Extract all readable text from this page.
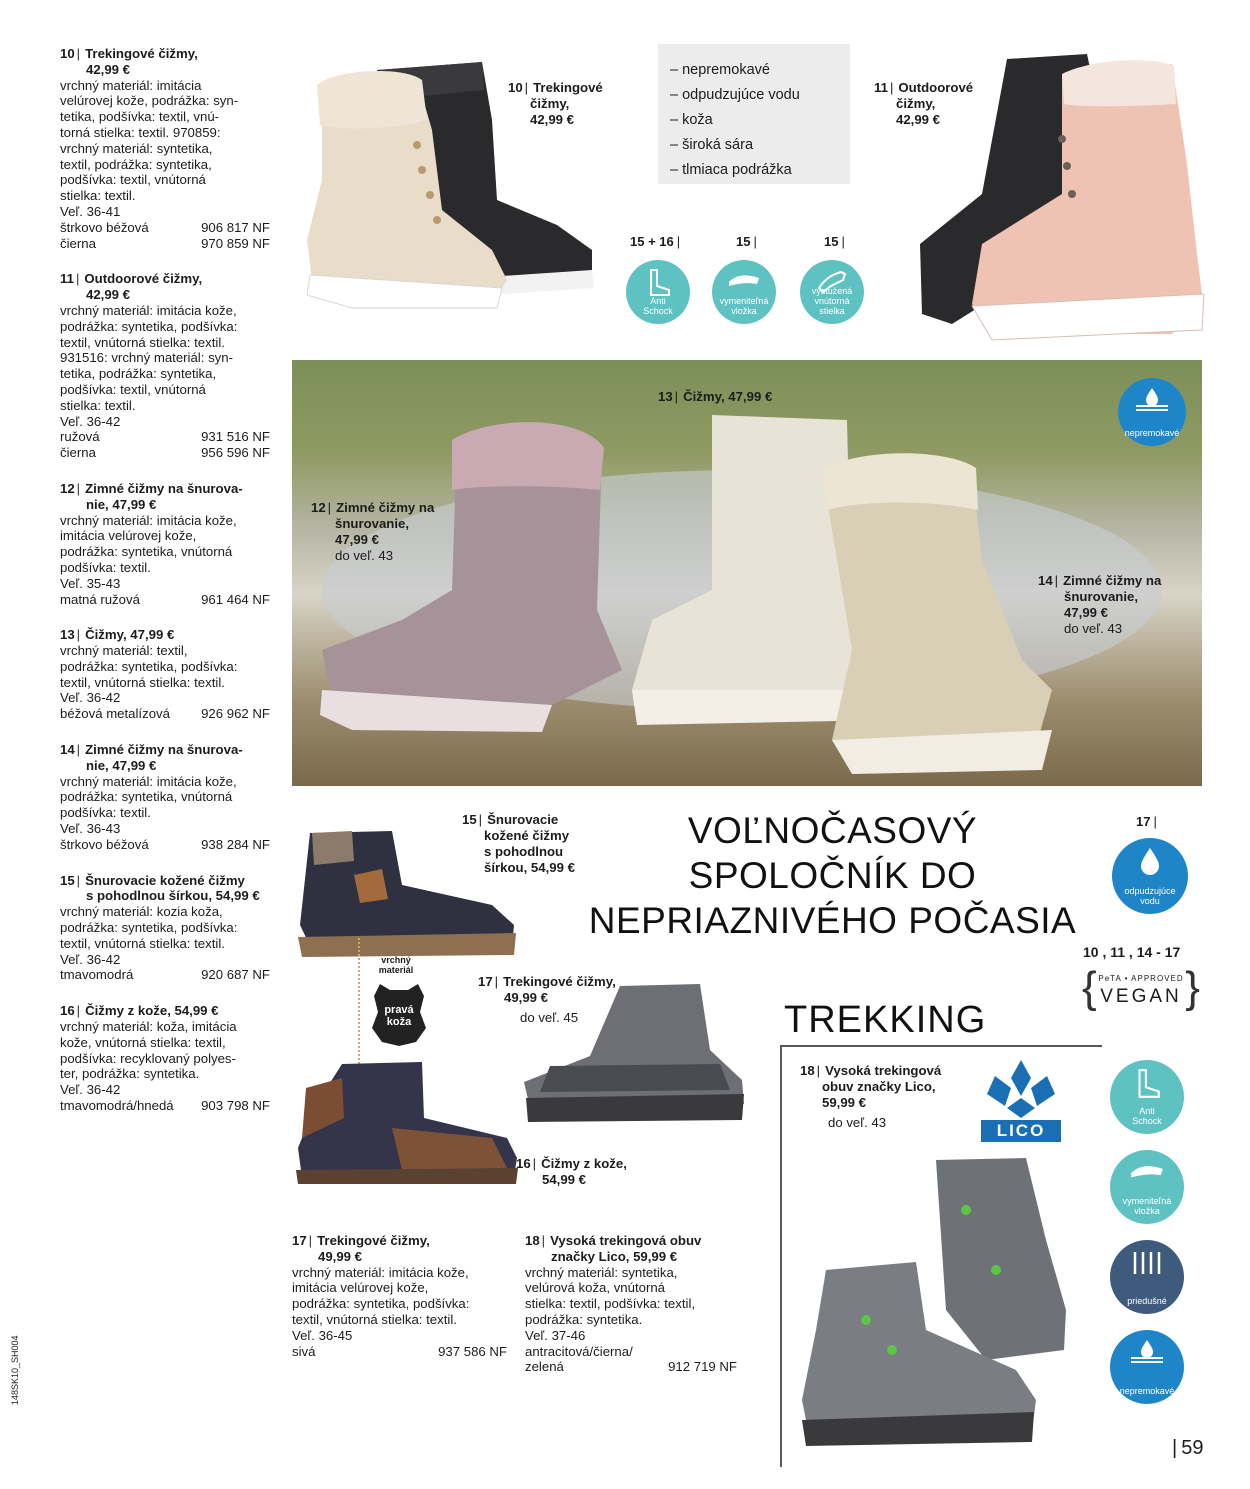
10 | Trekingové čižmy,
42,99 €
vrchný materiál: imitácia
velúrovej kože, podrážka: syn-
tetika, podšívka: textil, vnú-
torná stielka: textil. 970859:
vrchný materiál: syntetika,
textil, podrážka: syntetika,
podšívka: textil, vnútorná
stielka: textil.
Veľ. 36-41
štrkovo béžová	906 817 NF
čierna	970 859 NF
11 | Outdoorové čižmy,
42,99 €
vrchný materiál: imitácia kože,
podrážka: syntetika, podšívka:
textil, vnútorná stielka: textil.
931516: vrchný materiál: syn-
tetika, podrážka: syntetika,
podšívka: textil, vnútorná
stielka: textil.
Veľ. 36-42
ružová	931 516 NF
čierna	956 596 NF
12 | Zimné čižmy na šnurova-
nie, 47,99 €
vrchný materiál: imitácia kože,
imitácia velúrovej kože,
podrážka: syntetika, vnútorná
podšívka: textil.
Veľ. 35-43
matná ružová	961 464 NF
13 | Čižmy, 47,99 €
vrchný materiál: textil,
podrážka: syntetika, podšívka:
textil, vnútorná stielka: textil.
Veľ. 36-42
béžová metalízová 926 962 NF
14 | Zimné čižmy na šnurova-
nie, 47,99 €
vrchný materiál: imitácia kože,
podrážka: syntetika, vnútorná
podšívka: textil.
Veľ. 36-43
štrkovo béžová	938 284 NF
15 | Šnurovacie kožené čižmy
s pohodlnou šírkou, 54,99 €
vrchný materiál: kozia koža,
podrážka: syntetika, podšívka:
textil, vnútorná stielka: textil.
Veľ. 36-42
tmavomodrá	920 687 NF
16 | Čižmy z kože, 54,99 €
vrchný materiál: koža, imitácia
kože, vnútorná stielka: textil,
podšívka: recyklovaný polyes-
ter, podrážka: syntetika.
Veľ. 36-42
tmavomodrá/hnedá 903 798 NF
10 | Trekingové
čižmy,
42,99 €
– nepremokavé
– odpudzujúce vodu
– koža
– široká sára
– tlmiaca podrážka
15 + 16 |	15 |	15 |
Anti
Schock
vymeniteľná
vložka
vystužená
vnútorná
stielka
11 | Outdoorové
čižmy,
42,99 €
13 | Čižmy, 47,99 €
12 | Zimné čižmy na
šnurovanie,
47,99 €
do veľ. 43
14 | Zimné čižmy na
šnurovanie,
47,99 €
do veľ. 43
nepremokavé
VOĽNOČASOVÝ
SPOLOČNÍK DO
NEPRIAZNIVÉHO POČASIA
17 |
odpudzujúce
vodu
10 , 11 , 14 - 17
{ }
PeTA • APPROVED
VEGAN
15 | Šnurovacie
kožené čižmy
s pohodlnou
šírkou, 54,99 €
vrchný
materiál
pravá
koža
16 | Čižmy z kože,
54,99 €
17 | Trekingové čižmy,
49,99 €
do veľ. 45	TREKKING
18 | Vysoká trekingová
obuv značky Lico,
59,99 €
do veľ. 43	LICO
Anti
Schock
vymeniteľná
vložka
priedušné
nepremokavé
17 | Trekingové čižmy,
49,99 €
vrchný materiál: imitácia kože,
imitácia velúrovej kože,
podrážka: syntetika, podšívka:
textil, vnútorná stielka: textil.
Veľ. 36-45
sivá	937 586 NF
18 | Vysoká trekingová obuv
značky Lico, 59,99 €
vrchný materiál: syntetika,
velúrová koža, vnútorná
stielka: textil, podšívka: textil,
podrážka: syntetika.
Veľ. 37-46
antracitová/čierna/
zelená	912 719 NF
| 59
148SK10_SH004
